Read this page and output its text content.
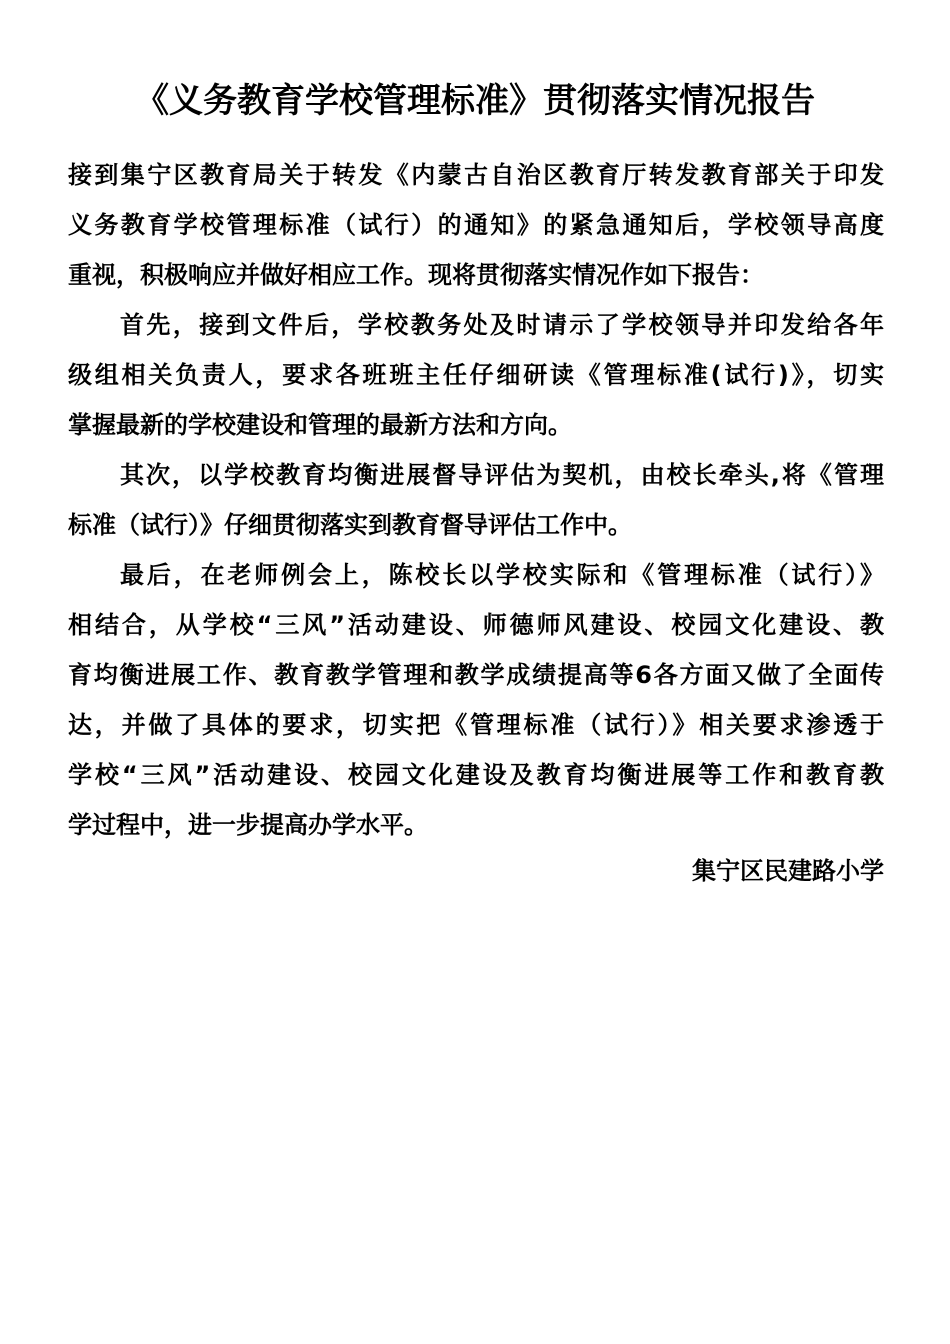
《义务教育学校管理标准》贯彻落实情况报告
接到集宁区教育局关于转发《内蒙古自治区教育厅转发教育部关于印发
义务教育学校管理标准（试行）的通知》的紧急通知后，学校领导高度
重视，积极响应并做好相应工作。现将贯彻落实情况作如下报告：
首先，接到文件后，学校教务处及时请示了学校领导并印发给各年
级组相关负责人，要求各班班主任仔细研读《管理标准(试行)》，切实
掌握最新的学校建设和管理的最新方法和方向。
其次，以学校教育均衡进展督导评估为契机，由校长牵头,将《管理
标准（试行）》仔细贯彻落实到教育督导评估工作中。
最后，在老师例会上，陈校长以学校实际和《管理标准（试行）》
相结合，从学校“三风”活动建设、师德师风建设、校园文化建设、教
育均衡进展工作、教育教学管理和教学成绩提高等6各方面又做了全面传
达，并做了具体的要求，切实把《管理标准（试行）》相关要求渗透于
学校“三风”活动建设、校园文化建设及教育均衡进展等工作和教育教
学过程中，进一步提高办学水平。
集宁区民建路小学
